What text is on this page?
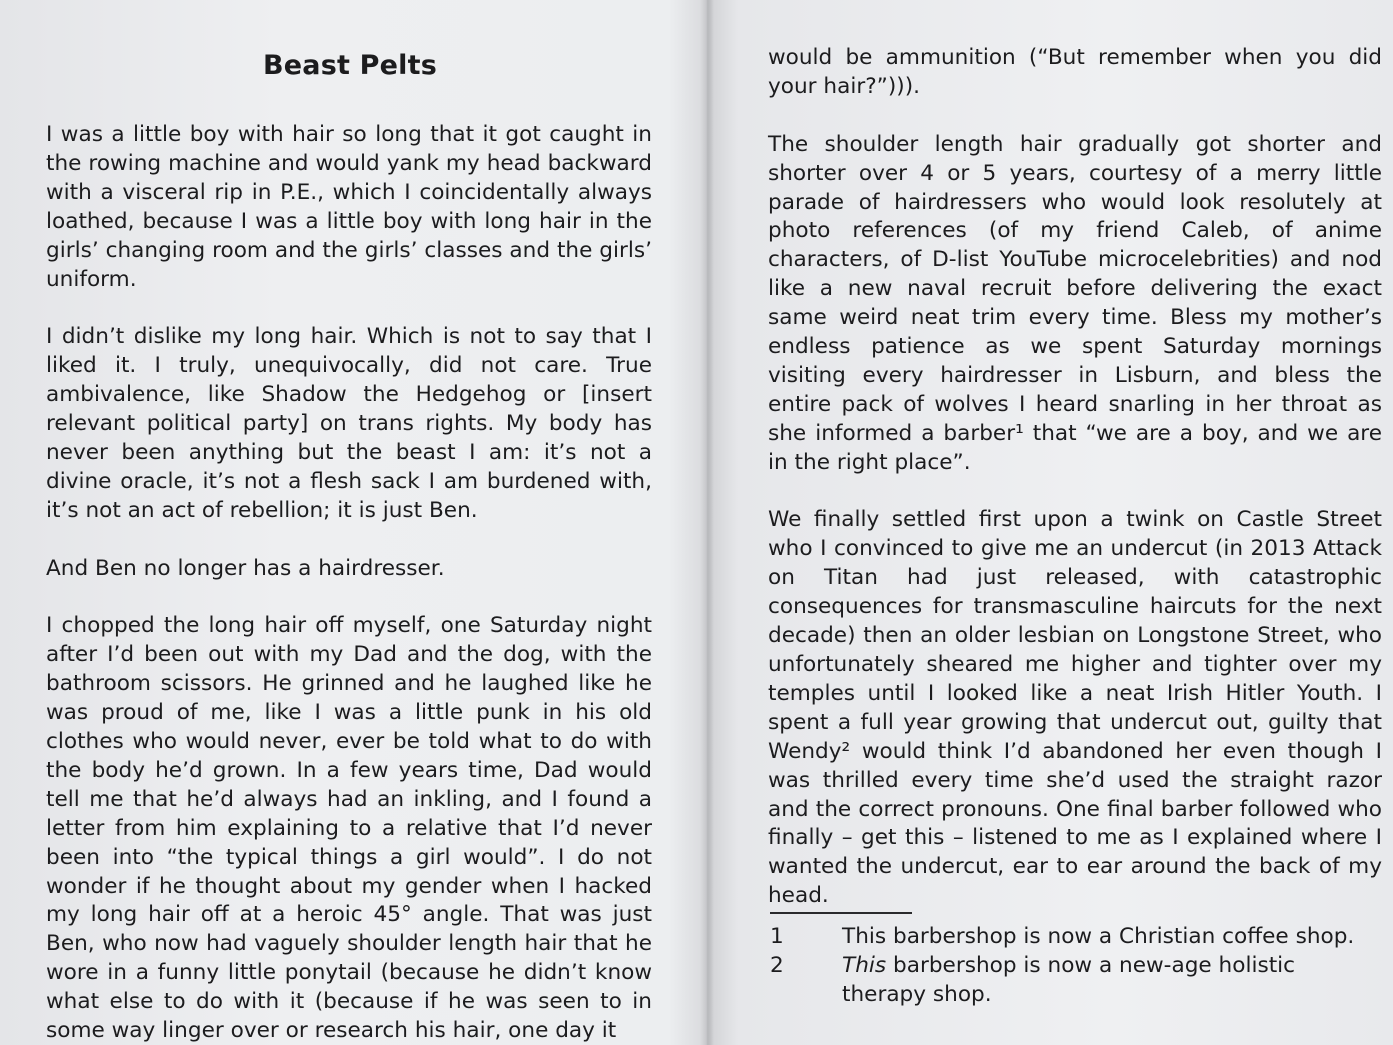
Beast Pelts

I was a little boy with hair so long that it got caught in the rowing machine and would yank my head backward with a visceral rip in P.E., which I coincidentally always loathed, because I was a little boy with long hair in the girls’ changing room and the girls’ classes and the girls’ uniform.

I didn’t dislike my long hair. Which is not to say that I liked it. I truly, unequivocally, did not care. True ambivalence, like Shadow the Hedgehog or [insert relevant political party] on trans rights. My body has never been anything but the beast I am: it’s not a divine oracle, it’s not a flesh sack I am burdened with, it’s not an act of rebellion; it is just Ben.

And Ben no longer has a hairdresser.

I chopped the long hair off myself, one Saturday night after I’d been out with my Dad and the dog, with the bathroom scissors. He grinned and he laughed like he was proud of me, like I was a little punk in his old clothes who would never, ever be told what to do with the body he’d grown. In a few years time, Dad would tell me that he’d always had an inkling, and I found a letter from him explaining to a relative that I’d never been into “the typical things a girl would”. I do not wonder if he thought about my gender when I hacked my long hair off at a heroic 45° angle. That was just Ben, who now had vaguely shoulder length hair that he wore in a funny little ponytail (because he didn’t know what else to do with it (because if he was seen to in some way linger over or research his hair, one day it

would be ammunition (“But remember when you did your hair?”))).

The shoulder length hair gradually got shorter and shorter over 4 or 5 years, courtesy of a merry little parade of hairdressers who would look resolutely at photo references (of my friend Caleb, of anime characters, of D-list YouTube microcelebrities) and nod like a new naval recruit before delivering the exact same weird neat trim every time. Bless my mother’s endless patience as we spent Saturday mornings visiting every hairdresser in Lisburn, and bless the entire pack of wolves I heard snarling in her throat as she informed a barber¹ that “we are a boy, and we are in the right place”.

We finally settled first upon a twink on Castle Street who I convinced to give me an undercut (in 2013 Attack on Titan had just released, with catastrophic consequences for transmasculine haircuts for the next decade) then an older lesbian on Longstone Street, who unfortunately sheared me higher and tighter over my temples until I looked like a neat Irish Hitler Youth. I spent a full year growing that undercut out, guilty that Wendy² would think I’d abandoned her even though I was thrilled every time she’d used the straight razor and the correct pronouns. One final barber followed who finally – get this – listened to me as I explained where I wanted the undercut, ear to ear around the back of my head.

1	This barbershop is now a Christian coffee shop.
2	This barbershop is now a new-age holistic therapy shop.
